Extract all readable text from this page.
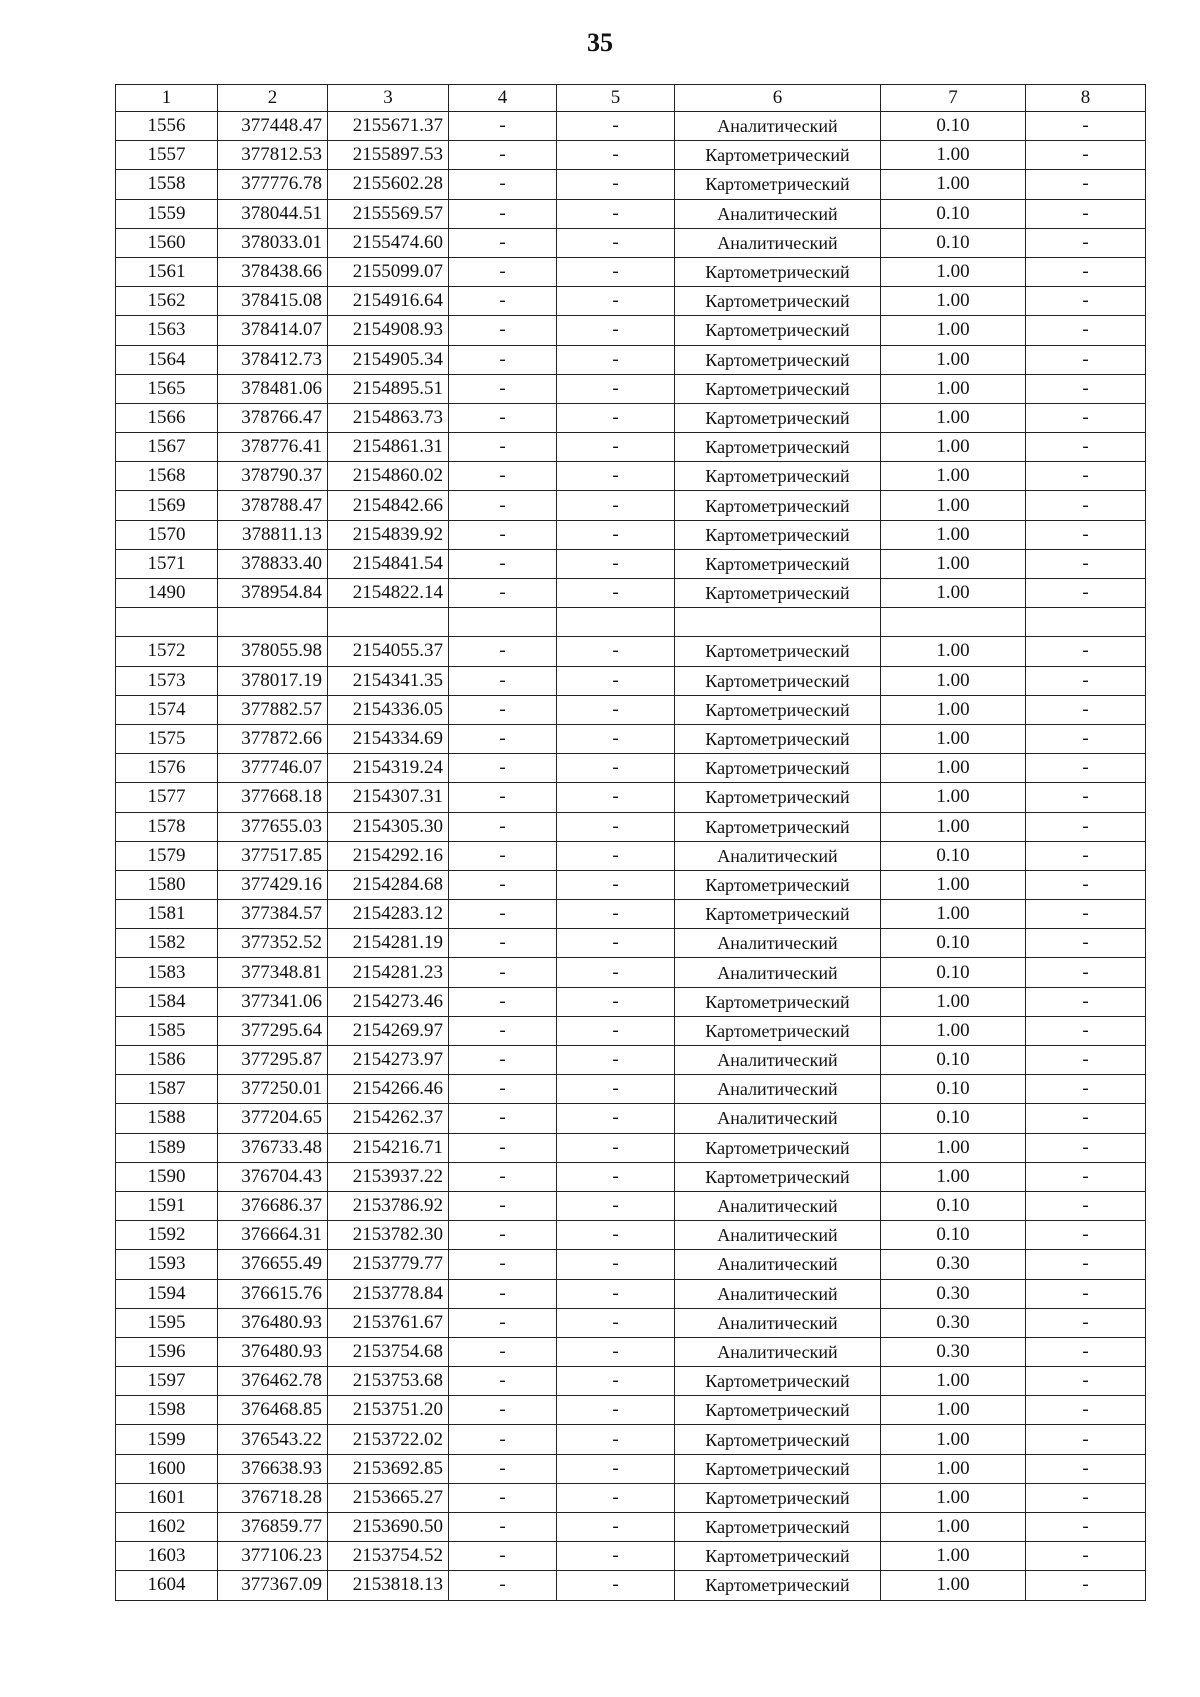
35
1	2	3	4	5	6	7	8
1556	377448.47	2155671.37	-	-	Аналитический	0.10	-
1557	377812.53	2155897.53	-	-	Картометрический	1.00	-
1558	377776.78	2155602.28	-	-	Картометрический	1.00	-
1559	378044.51	2155569.57	-	-	Аналитический	0.10	-
1560	378033.01	2155474.60	-	-	Аналитический	0.10	-
1561	378438.66	2155099.07	-	-	Картометрический	1.00	-
1562	378415.08	2154916.64	-	-	Картометрический	1.00	-
1563	378414.07	2154908.93	-	-	Картометрический	1.00	-
1564	378412.73	2154905.34	-	-	Картометрический	1.00	-
1565	378481.06	2154895.51	-	-	Картометрический	1.00	-
1566	378766.47	2154863.73	-	-	Картометрический	1.00	-
1567	378776.41	2154861.31	-	-	Картометрический	1.00	-
1568	378790.37	2154860.02	-	-	Картометрический	1.00	-
1569	378788.47	2154842.66	-	-	Картометрический	1.00	-
1570	378811.13	2154839.92	-	-	Картометрический	1.00	-
1571	378833.40	2154841.54	-	-	Картометрический	1.00	-
1490	378954.84	2154822.14	-	-	Картометрический	1.00	-

1572	378055.98	2154055.37	-	-	Картометрический	1.00	-
1573	378017.19	2154341.35	-	-	Картометрический	1.00	-
1574	377882.57	2154336.05	-	-	Картометрический	1.00	-
1575	377872.66	2154334.69	-	-	Картометрический	1.00	-
1576	377746.07	2154319.24	-	-	Картометрический	1.00	-
1577	377668.18	2154307.31	-	-	Картометрический	1.00	-
1578	377655.03	2154305.30	-	-	Картометрический	1.00	-
1579	377517.85	2154292.16	-	-	Аналитический	0.10	-
1580	377429.16	2154284.68	-	-	Картометрический	1.00	-
1581	377384.57	2154283.12	-	-	Картометрический	1.00	-
1582	377352.52	2154281.19	-	-	Аналитический	0.10	-
1583	377348.81	2154281.23	-	-	Аналитический	0.10	-
1584	377341.06	2154273.46	-	-	Картометрический	1.00	-
1585	377295.64	2154269.97	-	-	Картометрический	1.00	-
1586	377295.87	2154273.97	-	-	Аналитический	0.10	-
1587	377250.01	2154266.46	-	-	Аналитический	0.10	-
1588	377204.65	2154262.37	-	-	Аналитический	0.10	-
1589	376733.48	2154216.71	-	-	Картометрический	1.00	-
1590	376704.43	2153937.22	-	-	Картометрический	1.00	-
1591	376686.37	2153786.92	-	-	Аналитический	0.10	-
1592	376664.31	2153782.30	-	-	Аналитический	0.10	-
1593	376655.49	2153779.77	-	-	Аналитический	0.30	-
1594	376615.76	2153778.84	-	-	Аналитический	0.30	-
1595	376480.93	2153761.67	-	-	Аналитический	0.30	-
1596	376480.93	2153754.68	-	-	Аналитический	0.30	-
1597	376462.78	2153753.68	-	-	Картометрический	1.00	-
1598	376468.85	2153751.20	-	-	Картометрический	1.00	-
1599	376543.22	2153722.02	-	-	Картометрический	1.00	-
1600	376638.93	2153692.85	-	-	Картометрический	1.00	-
1601	376718.28	2153665.27	-	-	Картометрический	1.00	-
1602	376859.77	2153690.50	-	-	Картометрический	1.00	-
1603	377106.23	2153754.52	-	-	Картометрический	1.00	-
1604	377367.09	2153818.13	-	-	Картометрический	1.00	-
